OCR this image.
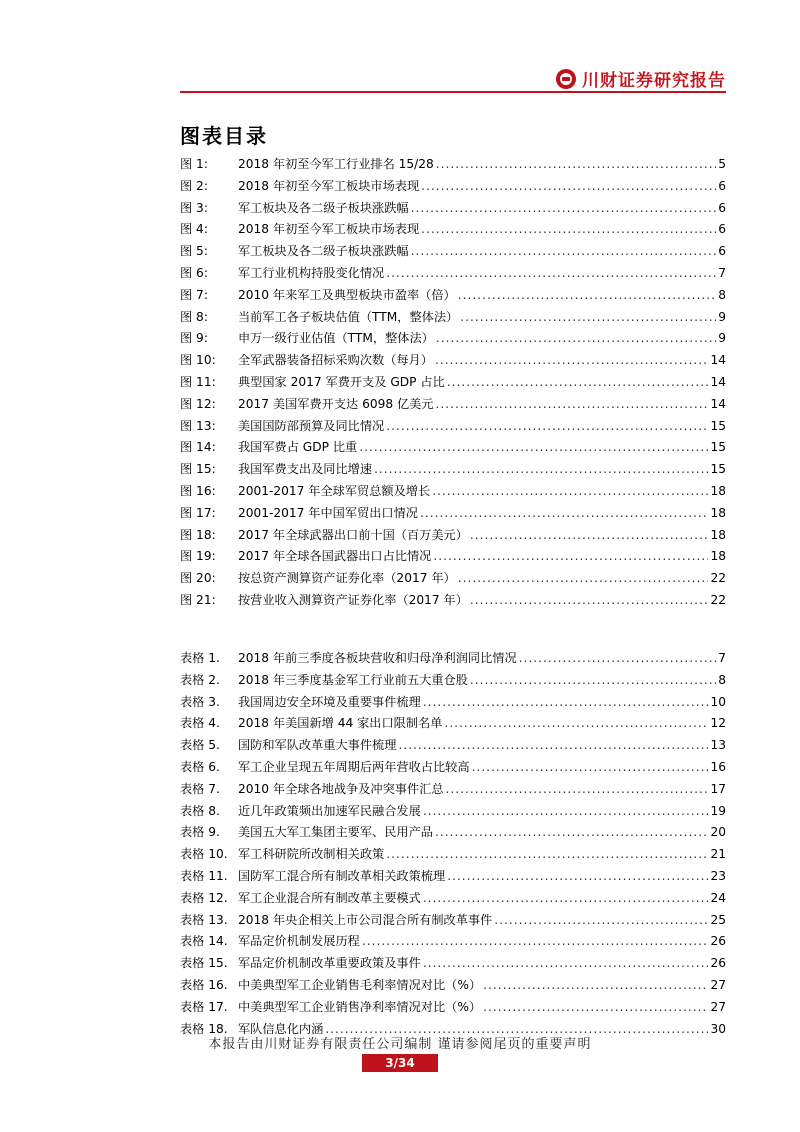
川财证券研究报告
图表目录
图 1:	2018 年初至今军工行业排名 15/28 .....	5
图 2:	2018 年初至今军工板块市场表现 .....	6
图 3:	军工板块及各二级子板块涨跌幅 .....	6
图 4:	2018 年初至今军工板块市场表现 .....	6
图 5:	军工板块及各二级子板块涨跌幅 .....	6
图 6:	军工行业机构持股变化情况 .....	7
图 7:	2010 年来军工及典型板块市盈率（倍） .....	8
图 8:	当前军工各子板块估值（TTM，整体法） .....	9
图 9:	申万一级行业估值（TTM，整体法） .....	9
图 10:	全军武器装备招标采购次数（每月） .....	14
图 11:	典型国家 2017 军费开支及 GDP 占比 .....	14
图 12:	2017 美国军费开支达 6098 亿美元 .....	14
图 13:	美国国防部预算及同比情况 .....	15
图 14:	我国军费占 GDP 比重 .....	15
图 15:	我国军费支出及同比增速 .....	15
图 16:	2001-2017 年全球军贸总额及增长 .....	18
图 17:	2001-2017 年中国军贸出口情况 .....	18
图 18:	2017 年全球武器出口前十国（百万美元） .....	18
图 19:	2017 年全球各国武器出口占比情况 .....	18
图 20:	按总资产测算资产证券化率（2017 年） .....	22
图 21:	按营业收入测算资产证券化率（2017 年） .....	22
表格 1.	2018 年前三季度各板块营收和归母净利润同比情况 .....	7
表格 2.	2018 年三季度基金军工行业前五大重仓股 .....	8
表格 3.	我国周边安全环境及重要事件梳理 .....	10
表格 4.	2018 年美国新增 44 家出口限制名单 .....	12
表格 5.	国防和军队改革重大事件梳理 .....	13
表格 6.	军工企业呈现五年周期后两年营收占比较高 .....	16
表格 7.	2010 年全球各地战争及冲突事件汇总 .....	17
表格 8.	近几年政策频出加速军民融合发展 .....	19
表格 9.	美国五大军工集团主要军、民用产品 .....	20
表格 10. 军工科研院所改制相关政策 .....	21
表格 11. 国防军工混合所有制改革相关政策梳理 .....	23
表格 12. 军工企业混合所有制改革主要模式 .....	24
表格 13. 2018 年央企相关上市公司混合所有制改革事件 .....	25
表格 14. 军品定价机制发展历程 .....	26
表格 15. 军品定价机制改革重要政策及事件 .....	26
表格 16. 中美典型军工企业销售毛利率情况对比（%） .....	27
表格 17. 中美典型军工企业销售净利率情况对比（%） .....	27
表格 18. 军队信息化内涵 .....	30
本报告由川财证券有限责任公司编制 谨请参阅尾页的重要声明
3/34
